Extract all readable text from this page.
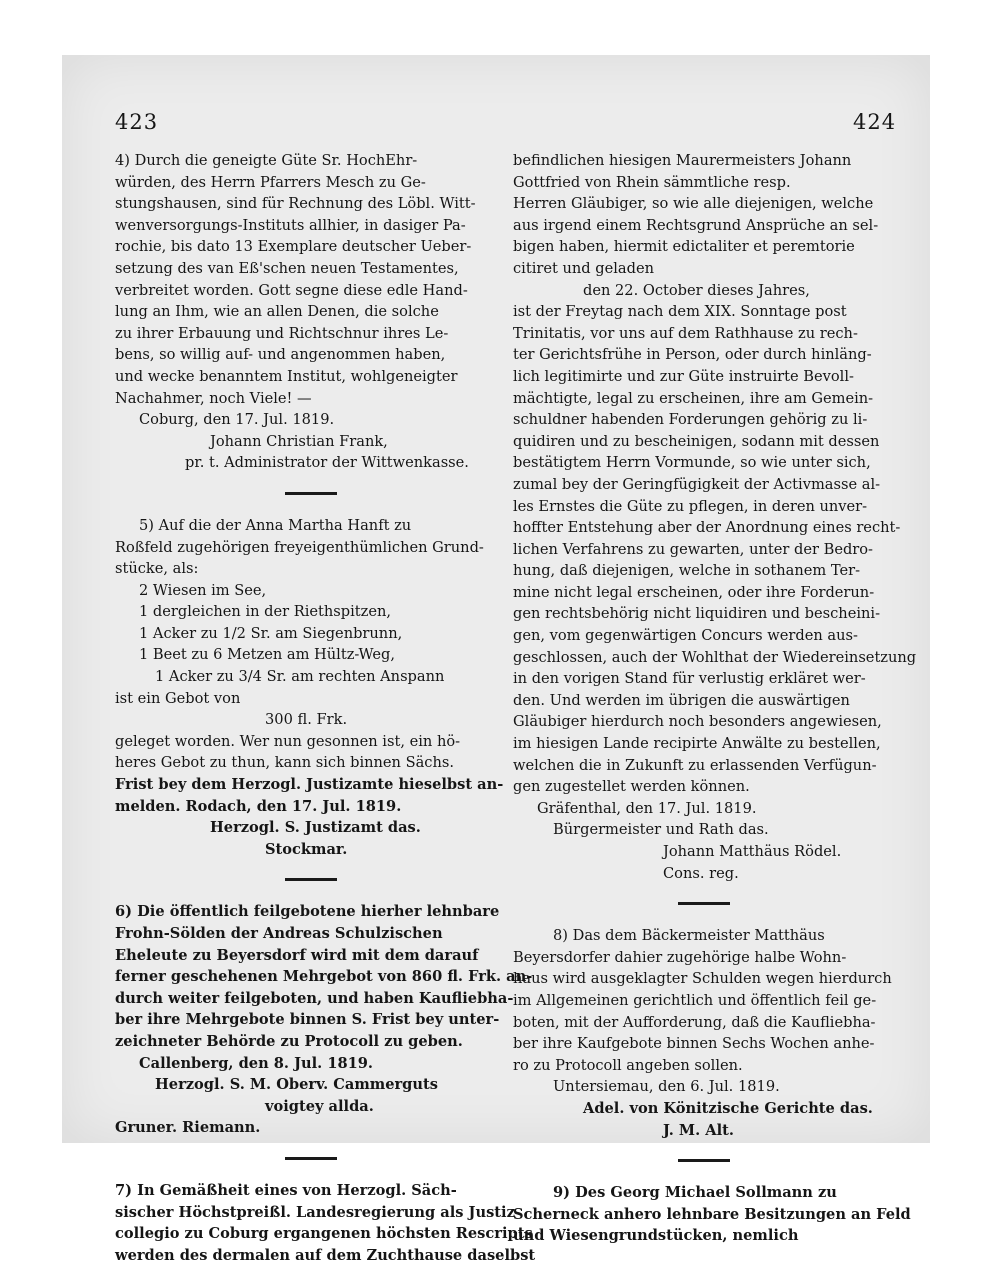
423	424
4) Durch die geneigte Güte Sr. HochEhr-
würden, des Herrn Pfarrers Mesch zu Ge-
stungshausen, sind für Rechnung des Löbl. Witt-
wenversorgungs-Instituts allhier, in dasiger Pa-
rochie, bis dato 13 Exemplare deutscher Ueber-
setzung des van Eß'schen neuen Testamentes,
verbreitet worden. Gott segne diese edle Hand-
lung an Ihm, wie an allen Denen, die solche
zu ihrer Erbauung und Richtschnur ihres Le-
bens, so willig auf- und angenommen haben,
und wecke benanntem Institut, wohlgeneigter
Nachahmer, noch Viele! —
Coburg, den 17. Jul. 1819.
Johann Christian Frank,
pr. t. Administrator der Wittwenkasse.
5) Auf die der Anna Martha Hanft zu
Roßfeld zugehörigen freyeigenthümlichen Grund-
stücke, als:
2 Wiesen im See,
1 dergleichen in der Riethspitzen,
1 Acker zu 1/2 Sr. am Siegenbrunn,
1 Beet zu 6 Metzen am Hültz-Weg,
1 Acker zu 3/4 Sr. am rechten Anspann
ist ein Gebot von
300 fl. Frk.
geleget worden. Wer nun gesonnen ist, ein hö-
heres Gebot zu thun, kann sich binnen Sächs.
Frist bey dem Herzogl. Justizamte hieselbst an-
melden. Rodach, den 17. Jul. 1819.
Herzogl. S. Justizamt das.
Stockmar.
6) Die öffentlich feilgebotene hierher lehnbare
Frohn-Sölden der Andreas Schulzischen
Eheleute zu Beyersdorf wird mit dem darauf
ferner geschehenen Mehrgebot von 860 fl. Frk. an-
durch weiter feilgeboten, und haben Kaufliebha-
ber ihre Mehrgebote binnen S. Frist bey unter-
zeichneter Behörde zu Protocoll zu geben.
Callenberg, den 8. Jul. 1819.
Herzogl. S. M. Oberv. Cammerguts
voigtey allda.
Gruner. Riemann.
7) In Gemäßheit eines von Herzogl. Säch-
sischer Höchstpreißl. Landesregierung als Justiz
collegio zu Coburg ergangenen höchsten Rescripts
werden des dermalen auf dem Zuchthause daselbst
befindlichen hiesigen Maurermeisters Johann
Gottfried von Rhein sämmtliche resp.
Herren Gläubiger, so wie alle diejenigen, welche
aus irgend einem Rechtsgrund Ansprüche an sel-
bigen haben, hiermit edictaliter et peremtorie
citiret und geladen
den 22. October dieses Jahres,
ist der Freytag nach dem XIX. Sonntage post
Trinitatis, vor uns auf dem Rathhause zu rech-
ter Gerichtsfrühe in Person, oder durch hinläng-
lich legitimirte und zur Güte instruirte Bevoll-
mächtigte, legal zu erscheinen, ihre am Gemein-
schuldner habenden Forderungen gehörig zu li-
quidiren und zu bescheinigen, sodann mit dessen
bestätigtem Herrn Vormunde, so wie unter sich,
zumal bey der Geringfügigkeit der Activmasse al-
les Ernstes die Güte zu pflegen, in deren unver-
hoffter Entstehung aber der Anordnung eines recht-
lichen Verfahrens zu gewarten, unter der Bedro-
hung, daß diejenigen, welche in sothanem Ter-
mine nicht legal erscheinen, oder ihre Forderun-
gen rechtsbehörig nicht liquidiren und bescheini-
gen, vom gegenwärtigen Concurs werden aus-
geschlossen, auch der Wohlthat der Wiedereinsetzung
in den vorigen Stand für verlustig erkläret wer-
den. Und werden im übrigen die auswärtigen
Gläubiger hierdurch noch besonders angewiesen,
im hiesigen Lande recipirte Anwälte zu bestellen,
welchen die in Zukunft zu erlassenden Verfügun-
gen zugestellet werden können.
Gräfenthal, den 17. Jul. 1819.
Bürgermeister und Rath das.
Johann Matthäus Rödel.
Cons. reg.
8) Das dem Bäckermeister Matthäus
Beyersdorfer dahier zugehörige halbe Wohn-
haus wird ausgeklagter Schulden wegen hierdurch
im Allgemeinen gerichtlich und öffentlich feil ge-
boten, mit der Aufforderung, daß die Kaufliebha-
ber ihre Kaufgebote binnen Sechs Wochen anhe-
ro zu Protocoll angeben sollen.
Untersiemau, den 6. Jul. 1819.
Adel. von Könitzische Gerichte das.
J. M. Alt.
9) Des Georg Michael Sollmann zu
Scherneck anhero lehnbare Besitzungen an Feld
und Wiesengrundstücken, nemlich
